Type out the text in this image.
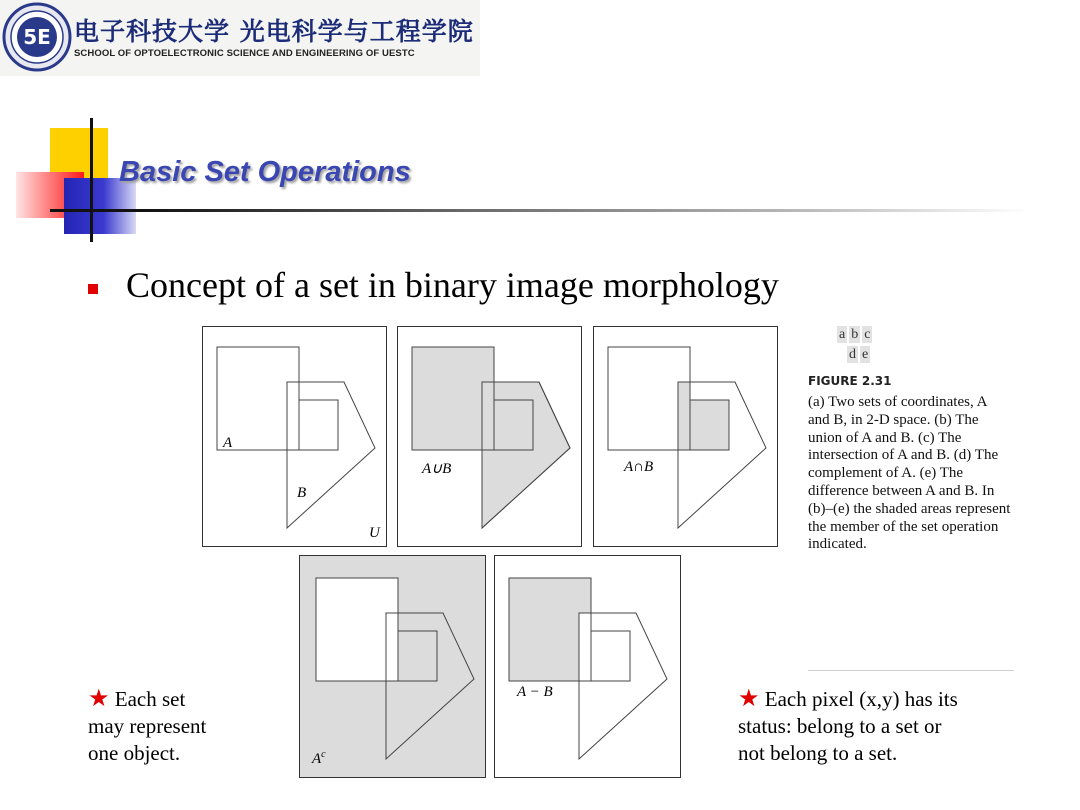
5E 电子科技大学 光电科学与工程学院
SCHOOL OF OPTOELECTRONIC SCIENCE AND ENGINEERING OF UESTC
Basic Set Operations
Concept of a set in binary image morphology
A
B
U
A∪B	A∩B
$A^c$
A − B
a b c
d e
FIGURE 2.31
(a) Two sets of coordinates, A and B, in 2-D space. (b) The union of A and B. (c) The intersection of A and B. (d) The complement of A. (e) The difference between A and B. In (b)–(e) the shaded areas represent the member of the set operation indicated.
★ Each set
may represent
one object.
★ Each pixel (x,y) has its
status: belong to a set or
not belong to a set.
